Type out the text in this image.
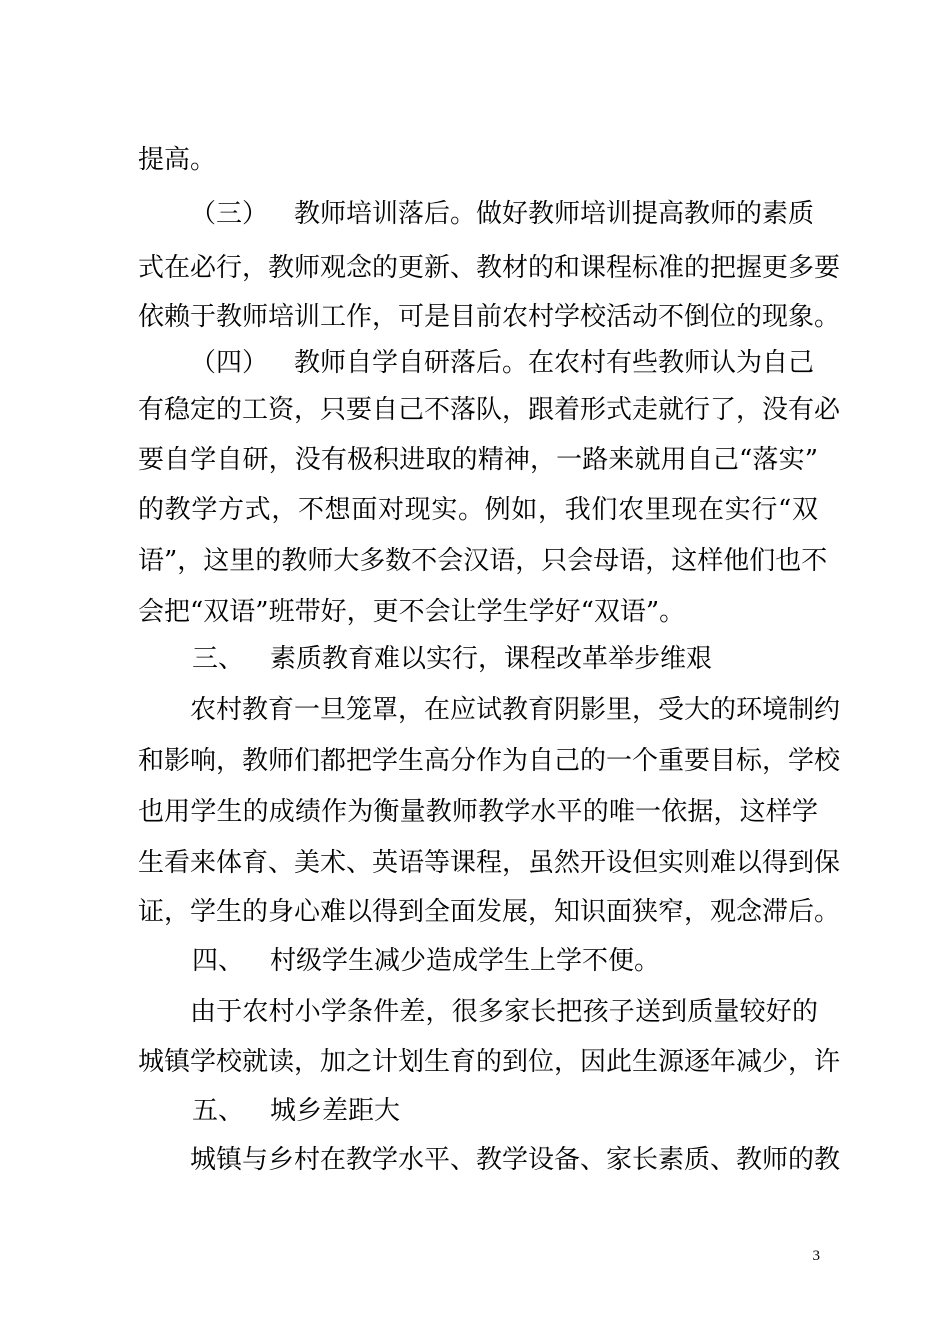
提高。
（三） 教师培训落后。做好教师培训提高教师的素质
式在必行，教师观念的更新、教材的和课程标准的把握更多要
依赖于教师培训工作，可是目前农村学校活动不倒位的现象。
（四） 教师自学自研落后。在农村有些教师认为自己
有稳定的工资，只要自己不落队，跟着形式走就行了，没有必
要自学自研，没有极积进取的精神，一路来就用自己“落实”
的教学方式，不想面对现实。例如，我们农里现在实行“双
语”，这里的教师大多数不会汉语，只会母语，这样他们也不
会把“双语”班带好，更不会让学生学好“双语”。
三、 素质教育难以实行，课程改革举步维艰
农村教育一旦笼罩，在应试教育阴影里，受大的环境制约
和影响，教师们都把学生高分作为自己的一个重要目标，学校
也用学生的成绩作为衡量教师教学水平的唯一依据，这样学
生看来体育、美术、英语等课程，虽然开设但实则难以得到保
证，学生的身心难以得到全面发展，知识面狭窄，观念滞后。
四、 村级学生减少造成学生上学不便。
由于农村小学条件差，很多家长把孩子送到质量较好的
城镇学校就读，加之计划生育的到位，因此生源逐年减少，许
五、 城乡差距大
城镇与乡村在教学水平、教学设备、家长素质、教师的教
3
